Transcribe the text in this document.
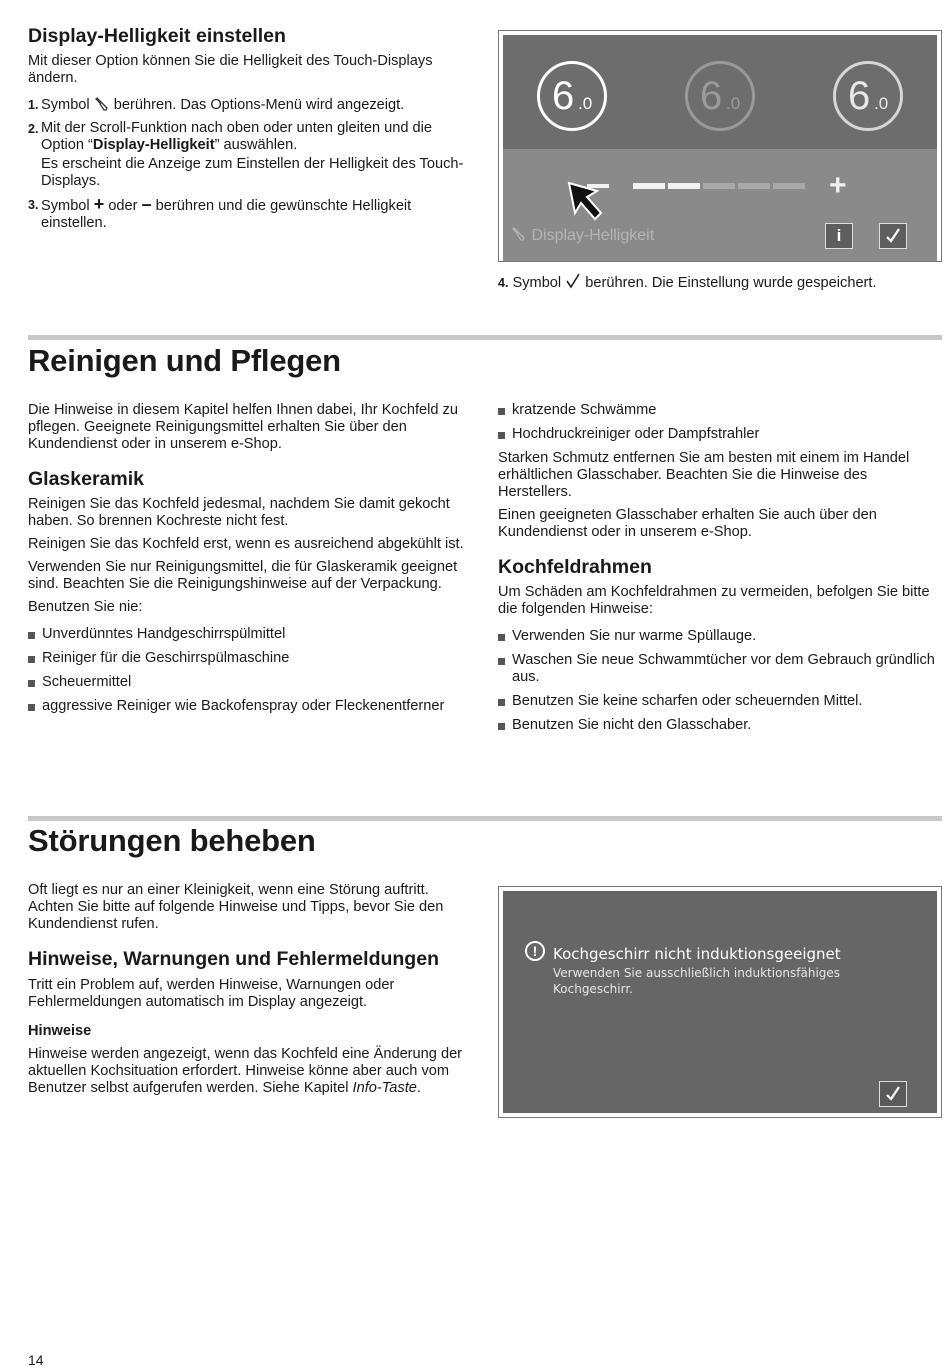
Display-Helligkeit einstellen

Mit dieser Option können Sie die Helligkeit des Touch-Displays ändern.

1. Symbol berühren. Das Options-Menü wird angezeigt.
2. Mit der Scroll-Funktion nach oben oder unten gleiten und die Option “Display-Helligkeit” auswählen.
Es erscheint die Anzeige zum Einstellen der Helligkeit des Touch-Displays.
3. Symbol + oder – berühren und die gewünschte Helligkeit einstellen.
6 .0	6 .0	6 .0
+
Display-Helligkeit	i
4. Symbol berühren. Die Einstellung wurde gespeichert.
Reinigen und Pflegen

Die Hinweise in diesem Kapitel helfen Ihnen dabei, Ihr Kochfeld zu pflegen. Geeignete Reinigungsmittel erhalten Sie über den Kundendienst oder in unserem e-Shop.

Glaskeramik

Reinigen Sie das Kochfeld jedesmal, nachdem Sie damit gekocht haben. So brennen Kochreste nicht fest.

Reinigen Sie das Kochfeld erst, wenn es ausreichend abgekühlt ist.

Verwenden Sie nur Reinigungsmittel, die für Glaskeramik geeignet sind. Beachten Sie die Reinigungshinweise auf der Verpackung.

Benutzen Sie nie:

Unverdünntes Handgeschirrspülmittel
Reiniger für die Geschirrspülmaschine
Scheuermittel
aggressive Reiniger wie Backofenspray oder Fleckenentferner
kratzende Schwämme
Hochdruckreiniger oder Dampfstrahler

Starken Schmutz entfernen Sie am besten mit einem im Handel erhältlichen Glasschaber. Beachten Sie die Hinweise des Herstellers.

Einen geeigneten Glasschaber erhalten Sie auch über den Kundendienst oder in unserem e-Shop.

Kochfeldrahmen

Um Schäden am Kochfeldrahmen zu vermeiden, befolgen Sie bitte die folgenden Hinweise:

Verwenden Sie nur warme Spüllauge.
Waschen Sie neue Schwammtücher vor dem Gebrauch gründlich aus.
Benutzen Sie keine scharfen oder scheuernden Mittel.
Benutzen Sie nicht den Glasschaber.
Störungen beheben

Oft liegt es nur an einer Kleinigkeit, wenn eine Störung auftritt. Achten Sie bitte auf folgende Hinweise und Tipps, bevor Sie den Kundendienst rufen.

Hinweise, Warnungen und Fehlermeldungen

Tritt ein Problem auf, werden Hinweise, Warnungen oder Fehlermeldungen automatisch im Display angezeigt.

Hinweise

Hinweise werden angezeigt, wenn das Kochfeld eine Änderung der aktuellen Kochsituation erfordert. Hinweise könne aber auch vom Benutzer selbst aufgerufen werden. Siehe Kapitel Info-Taste.

!	Kochgeschirr nicht induktionsgeeignet
Verwenden Sie ausschließlich induktionsfähiges Kochgeschirr.
14
